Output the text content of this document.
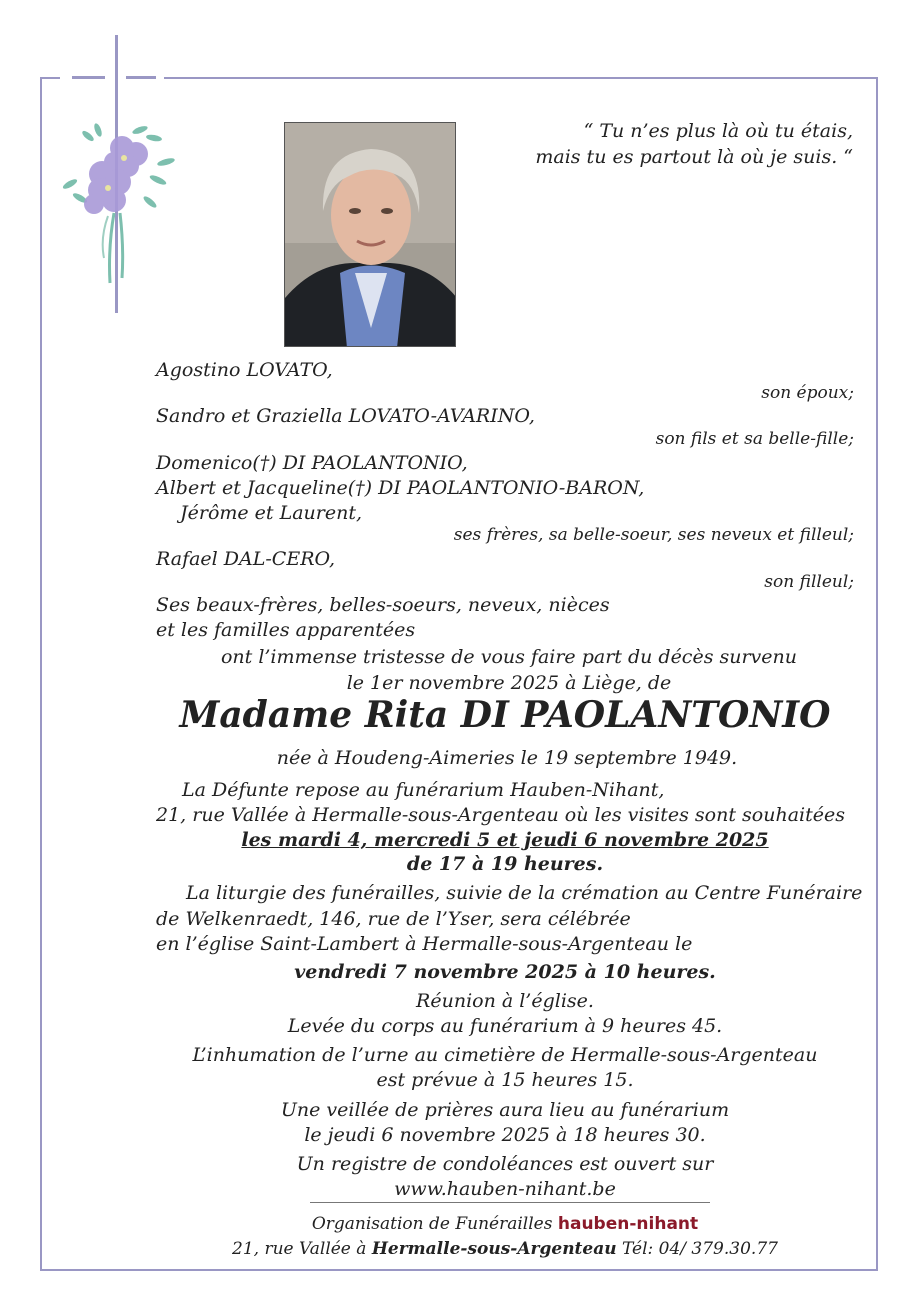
“ Tu n’es plus là où tu étais,
mais tu es partout là où je suis. “
Agostino LOVATO,
son époux;
Sandro et Graziella LOVATO-AVARINO,
son fils et sa belle-fille;
Domenico(†) DI PAOLANTONIO,
Albert et Jacqueline(†) DI PAOLANTONIO-BARON,
Jérôme et Laurent,
ses frères, sa belle-soeur, ses neveux et filleul;
Rafael DAL-CERO,
son filleul;
Ses beaux-frères, belles-soeurs, neveux, nièces
et les familles apparentées
ont l’immense tristesse de vous faire part du décès survenu
le 1er novembre 2025 à Liège, de
Madame Rita DI PAOLANTONIO
née à Houdeng-Aimeries le 19 septembre 1949.
La Défunte repose au funérarium Hauben-Nihant,
21, rue Vallée à Hermalle-sous-Argenteau où les visites sont souhaitées
les mardi 4, mercredi 5 et jeudi 6 novembre 2025
de 17 à 19 heures.
La liturgie des funérailles, suivie de la crémation au Centre Funéraire
de Welkenraedt, 146, rue de l’Yser, sera célébrée
en l’église Saint-Lambert à Hermalle-sous-Argenteau le
vendredi 7 novembre 2025 à 10 heures.
Réunion à l’église.
Levée du corps au funérarium à 9 heures 45.
L’inhumation de l’urne au cimetière de Hermalle-sous-Argenteau
est prévue à 15 heures 15.
Une veillée de prières aura lieu au funérarium
le jeudi 6 novembre 2025 à 18 heures 30.
Un registre de condoléances est ouvert sur
www.hauben-nihant.be
Organisation de Funérailles hauben-nihant
21, rue Vallée à Hermalle-sous-Argenteau Tél: 04/ 379.30.77
